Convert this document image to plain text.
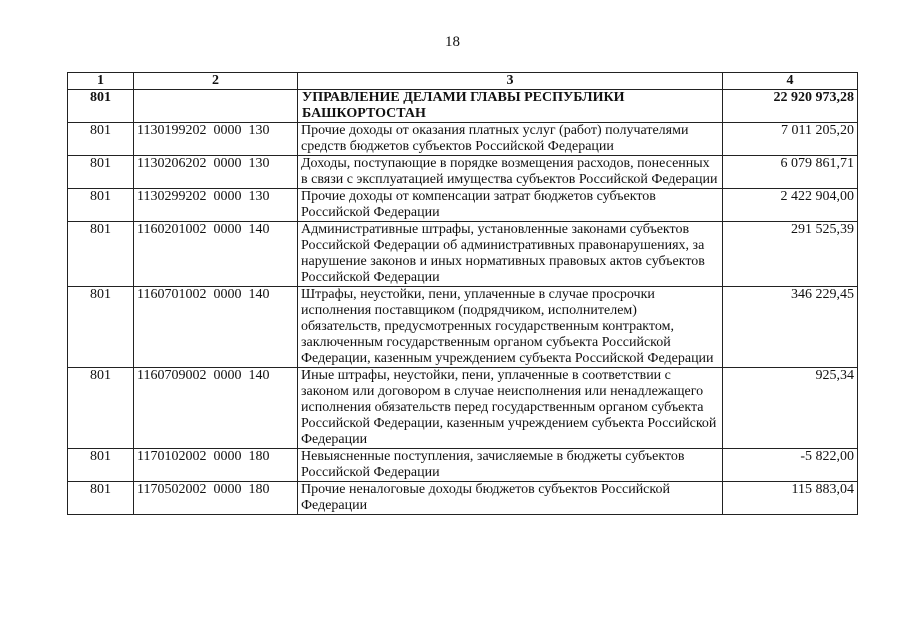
18
1	2	3	4
801		УПРАВЛЕНИЕ ДЕЛАМИ ГЛАВЫ РЕСПУБЛИКИ БАШКОРТОСТАН	22 920 973,28
801	1130199202  0000  130	Прочие доходы от оказания платных услуг (работ) получателями средств бюджетов субъектов Российской Федерации	7 011 205,20
801	1130206202  0000  130	Доходы, поступающие в порядке возмещения расходов, понесенных в связи с эксплуатацией имущества субъектов Российской Федерации	6 079 861,71
801	1130299202  0000  130	Прочие доходы от компенсации затрат бюджетов субъектов Российской Федерации	2 422 904,00
801	1160201002  0000  140	Административные штрафы, установленные законами субъектов Российской Федерации об административных правонарушениях, за нарушение законов и иных нормативных правовых актов субъектов Российской Федерации	291 525,39
801	1160701002  0000  140	Штрафы, неустойки, пени, уплаченные в случае просрочки исполнения поставщиком (подрядчиком, исполнителем) обязательств, предусмотренных государственным контрактом, заключенным государственным органом субъекта Российской Федерации, казенным учреждением субъекта Российской Федерации	346 229,45
801	1160709002  0000  140	Иные штрафы, неустойки, пени, уплаченные в соответствии с законом или договором в случае неисполнения или ненадлежащего исполнения обязательств перед государственным органом субъекта Российской Федерации, казенным учреждением субъекта Российской Федерации	925,34
801	1170102002  0000  180	Невыясненные поступления, зачисляемые в бюджеты субъектов Российской Федерации	-5 822,00
801	1170502002  0000  180	Прочие неналоговые доходы бюджетов субъектов Российской Федерации	115 883,04
